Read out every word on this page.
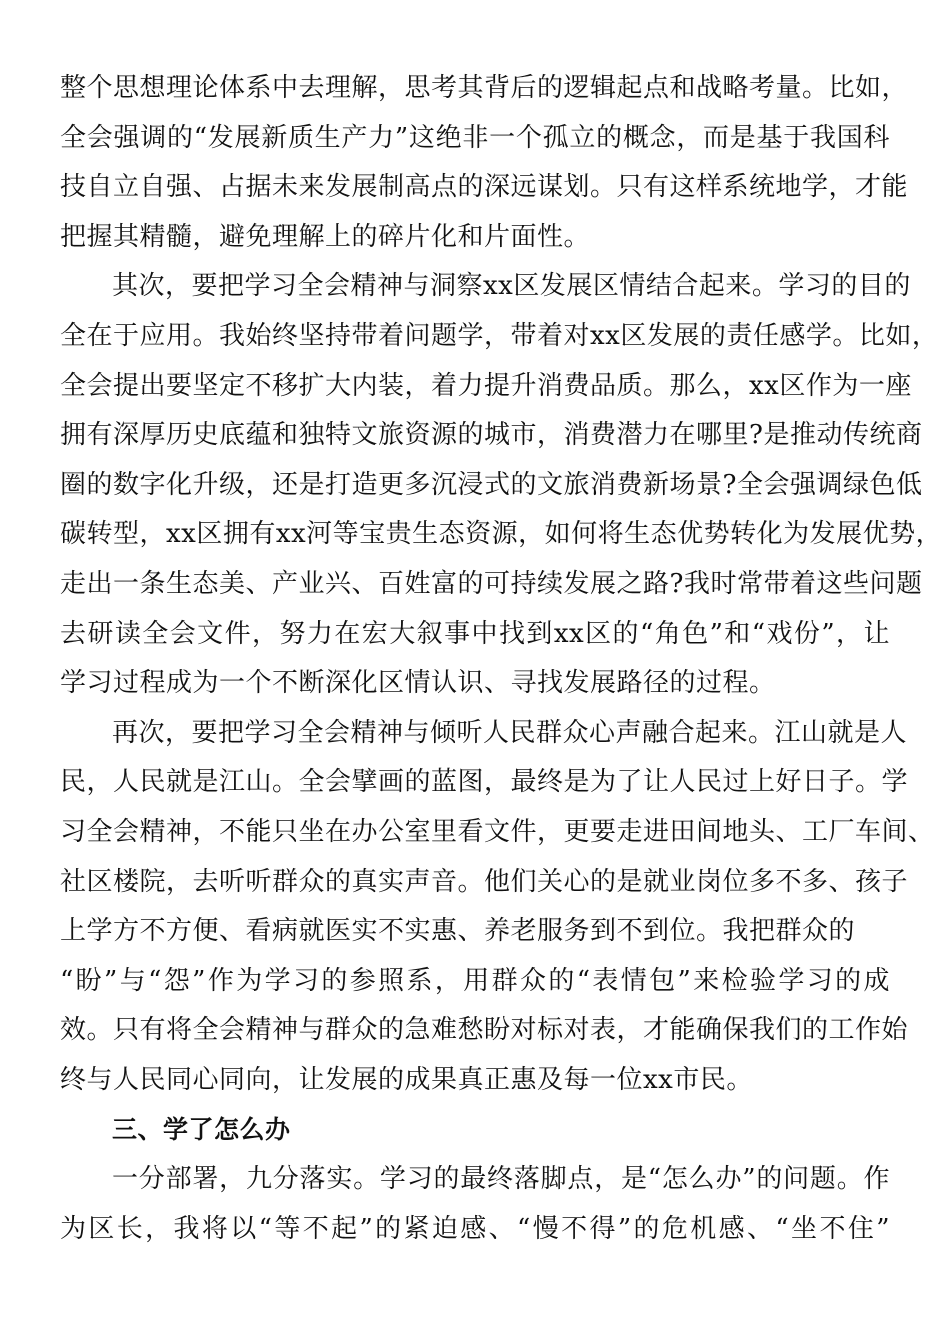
整个思想理论体系中去理解，思考其背后的逻辑起点和战略考量。比如，
全会强调的“发展新质生产力”这绝非一个孤立的概念，而是基于我国科
技自立自强、占据未来发展制高点的深远谋划。只有这样系统地学，才能
把握其精髓，避免理解上的碎片化和片面性。
其次，要把学习全会精神与洞察xx区发展区情结合起来。学习的目的
全在于应用。我始终坚持带着问题学，带着对xx区发展的责任感学。比如，
全会提出要坚定不移扩大内装，着力提升消费品质。那么，xx区作为一座
拥有深厚历史底蕴和独特文旅资源的城市，消费潜力在哪里?是推动传统商
圈的数字化升级，还是打造更多沉浸式的文旅消费新场景?全会强调绿色低
碳转型，xx区拥有xx河等宝贵生态资源，如何将生态优势转化为发展优势，
走出一条生态美、产业兴、百姓富的可持续发展之路?我时常带着这些问题
去研读全会文件，努力在宏大叙事中找到xx区的“角色”和“戏份”，让
学习过程成为一个不断深化区情认识、寻找发展路径的过程。
再次，要把学习全会精神与倾听人民群众心声融合起来。江山就是人
民，人民就是江山。全会擘画的蓝图，最终是为了让人民过上好日子。学
习全会精神，不能只坐在办公室里看文件，更要走进田间地头、工厂车间、
社区楼院，去听听群众的真实声音。他们关心的是就业岗位多不多、孩子
上学方不方便、看病就医实不实惠、养老服务到不到位。我把群众的
“盼”与“怨”作为学习的参照系，用群众的“表情包”来检验学习的成
效。只有将全会精神与群众的急难愁盼对标对表，才能确保我们的工作始
终与人民同心同向，让发展的成果真正惠及每一位xx市民。
三、学了怎么办
一分部署，九分落实。学习的最终落脚点，是“怎么办”的问题。作
为区长，我将以“等不起”的紧迫感、“慢不得”的危机感、“坐不住”
